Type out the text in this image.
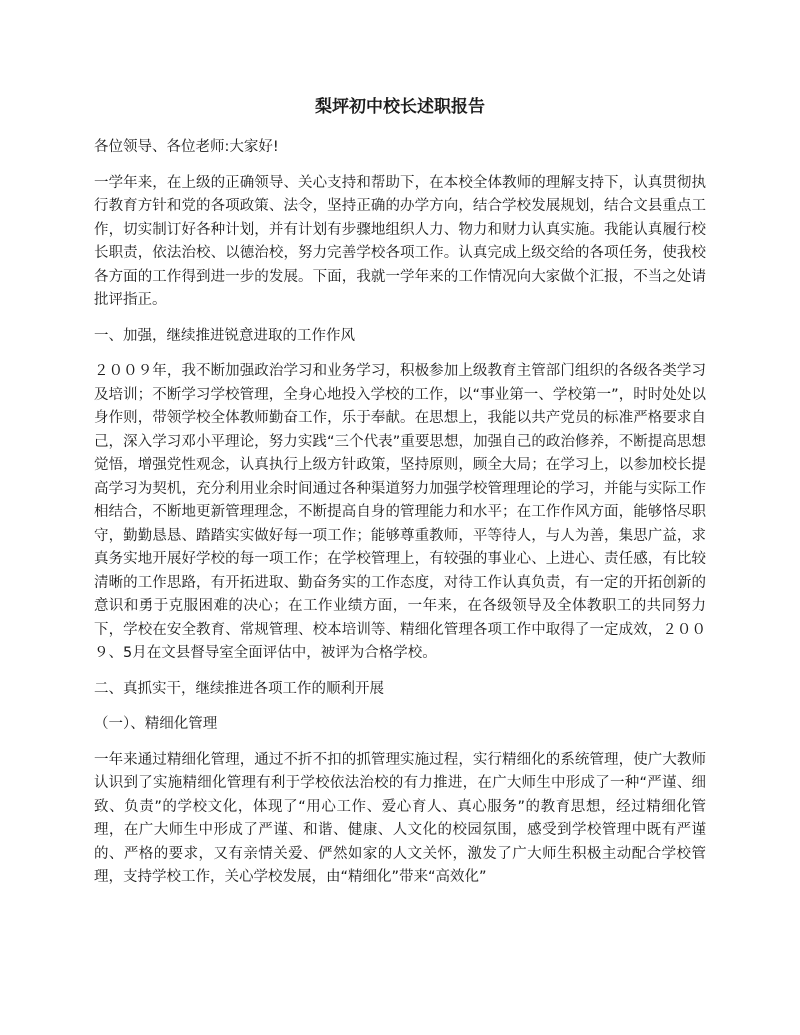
梨坪初中校长述职报告
各位领导、各位老师:大家好!
一学年来，在上级的正确领导、关心支持和帮助下，在本校全体教师的理解支持下，认真贯彻执行教育方针和党的各项政策、法令，坚持正确的办学方向，结合学校发展规划，结合文县重点工作，切实制订好各种计划，并有计划有步骤地组织人力、物力和财力认真实施。我能认真履行校长职责，依法治校、以德治校，努力完善学校各项工作。认真完成上级交给的各项任务，使我校各方面的工作得到进一步的发展。下面，我就一学年来的工作情况向大家做个汇报，不当之处请批评指正。
一、加强，继续推进锐意进取的工作作风
２００９年，我不断加强政治学习和业务学习，积极参加上级教育主管部门组织的各级各类学习及培训；不断学习学校管理，全身心地投入学校的工作，以“事业第一、学校第一”，时时处处以身作则，带领学校全体教师勤奋工作，乐于奉献。在思想上，我能以共产党员的标准严格要求自己，深入学习邓小平理论，努力实践“三个代表”重要思想，加强自己的政治修养，不断提高思想觉悟，增强党性观念，认真执行上级方针政策，坚持原则，顾全大局；在学习上，以参加校长提高学习为契机，充分利用业余时间通过各种渠道努力加强学校管理理论的学习，并能与实际工作相结合，不断地更新管理理念，不断提高自身的管理能力和水平；在工作作风方面，能够恪尽职守，勤勤恳恳、踏踏实实做好每一项工作；能够尊重教师，平等待人，与人为善，集思广益，求真务实地开展好学校的每一项工作；在学校管理上，有较强的事业心、上进心、责任感，有比较清晰的工作思路，有开拓进取、勤奋务实的工作态度，对待工作认真负责，有一定的开拓创新的意识和勇于克服困难的决心；在工作业绩方面，一年来，在各级领导及全体教职工的共同努力下，学校在安全教育、常规管理、校本培训等、精细化管理各项工作中取得了一定成效，２００９、5月在文县督导室全面评估中，被评为合格学校。
二、真抓实干，继续推进各项工作的顺利开展
（一）、精细化管理
一年来通过精细化管理，通过不折不扣的抓管理实施过程，实行精细化的系统管理，使广大教师认识到了实施精细化管理有利于学校依法治校的有力推进，在广大师生中形成了一种“严谨、细致、负责”的学校文化，体现了“用心工作、爱心育人、真心服务”的教育思想，经过精细化管理，在广大师生中形成了严谨、和谐、健康、人文化的校园氛围，感受到学校管理中既有严谨的、严格的要求，又有亲情关爱、俨然如家的人文关怀，激发了广大师生积极主动配合学校管理，支持学校工作，关心学校发展，由“精细化”带来“高效化”
